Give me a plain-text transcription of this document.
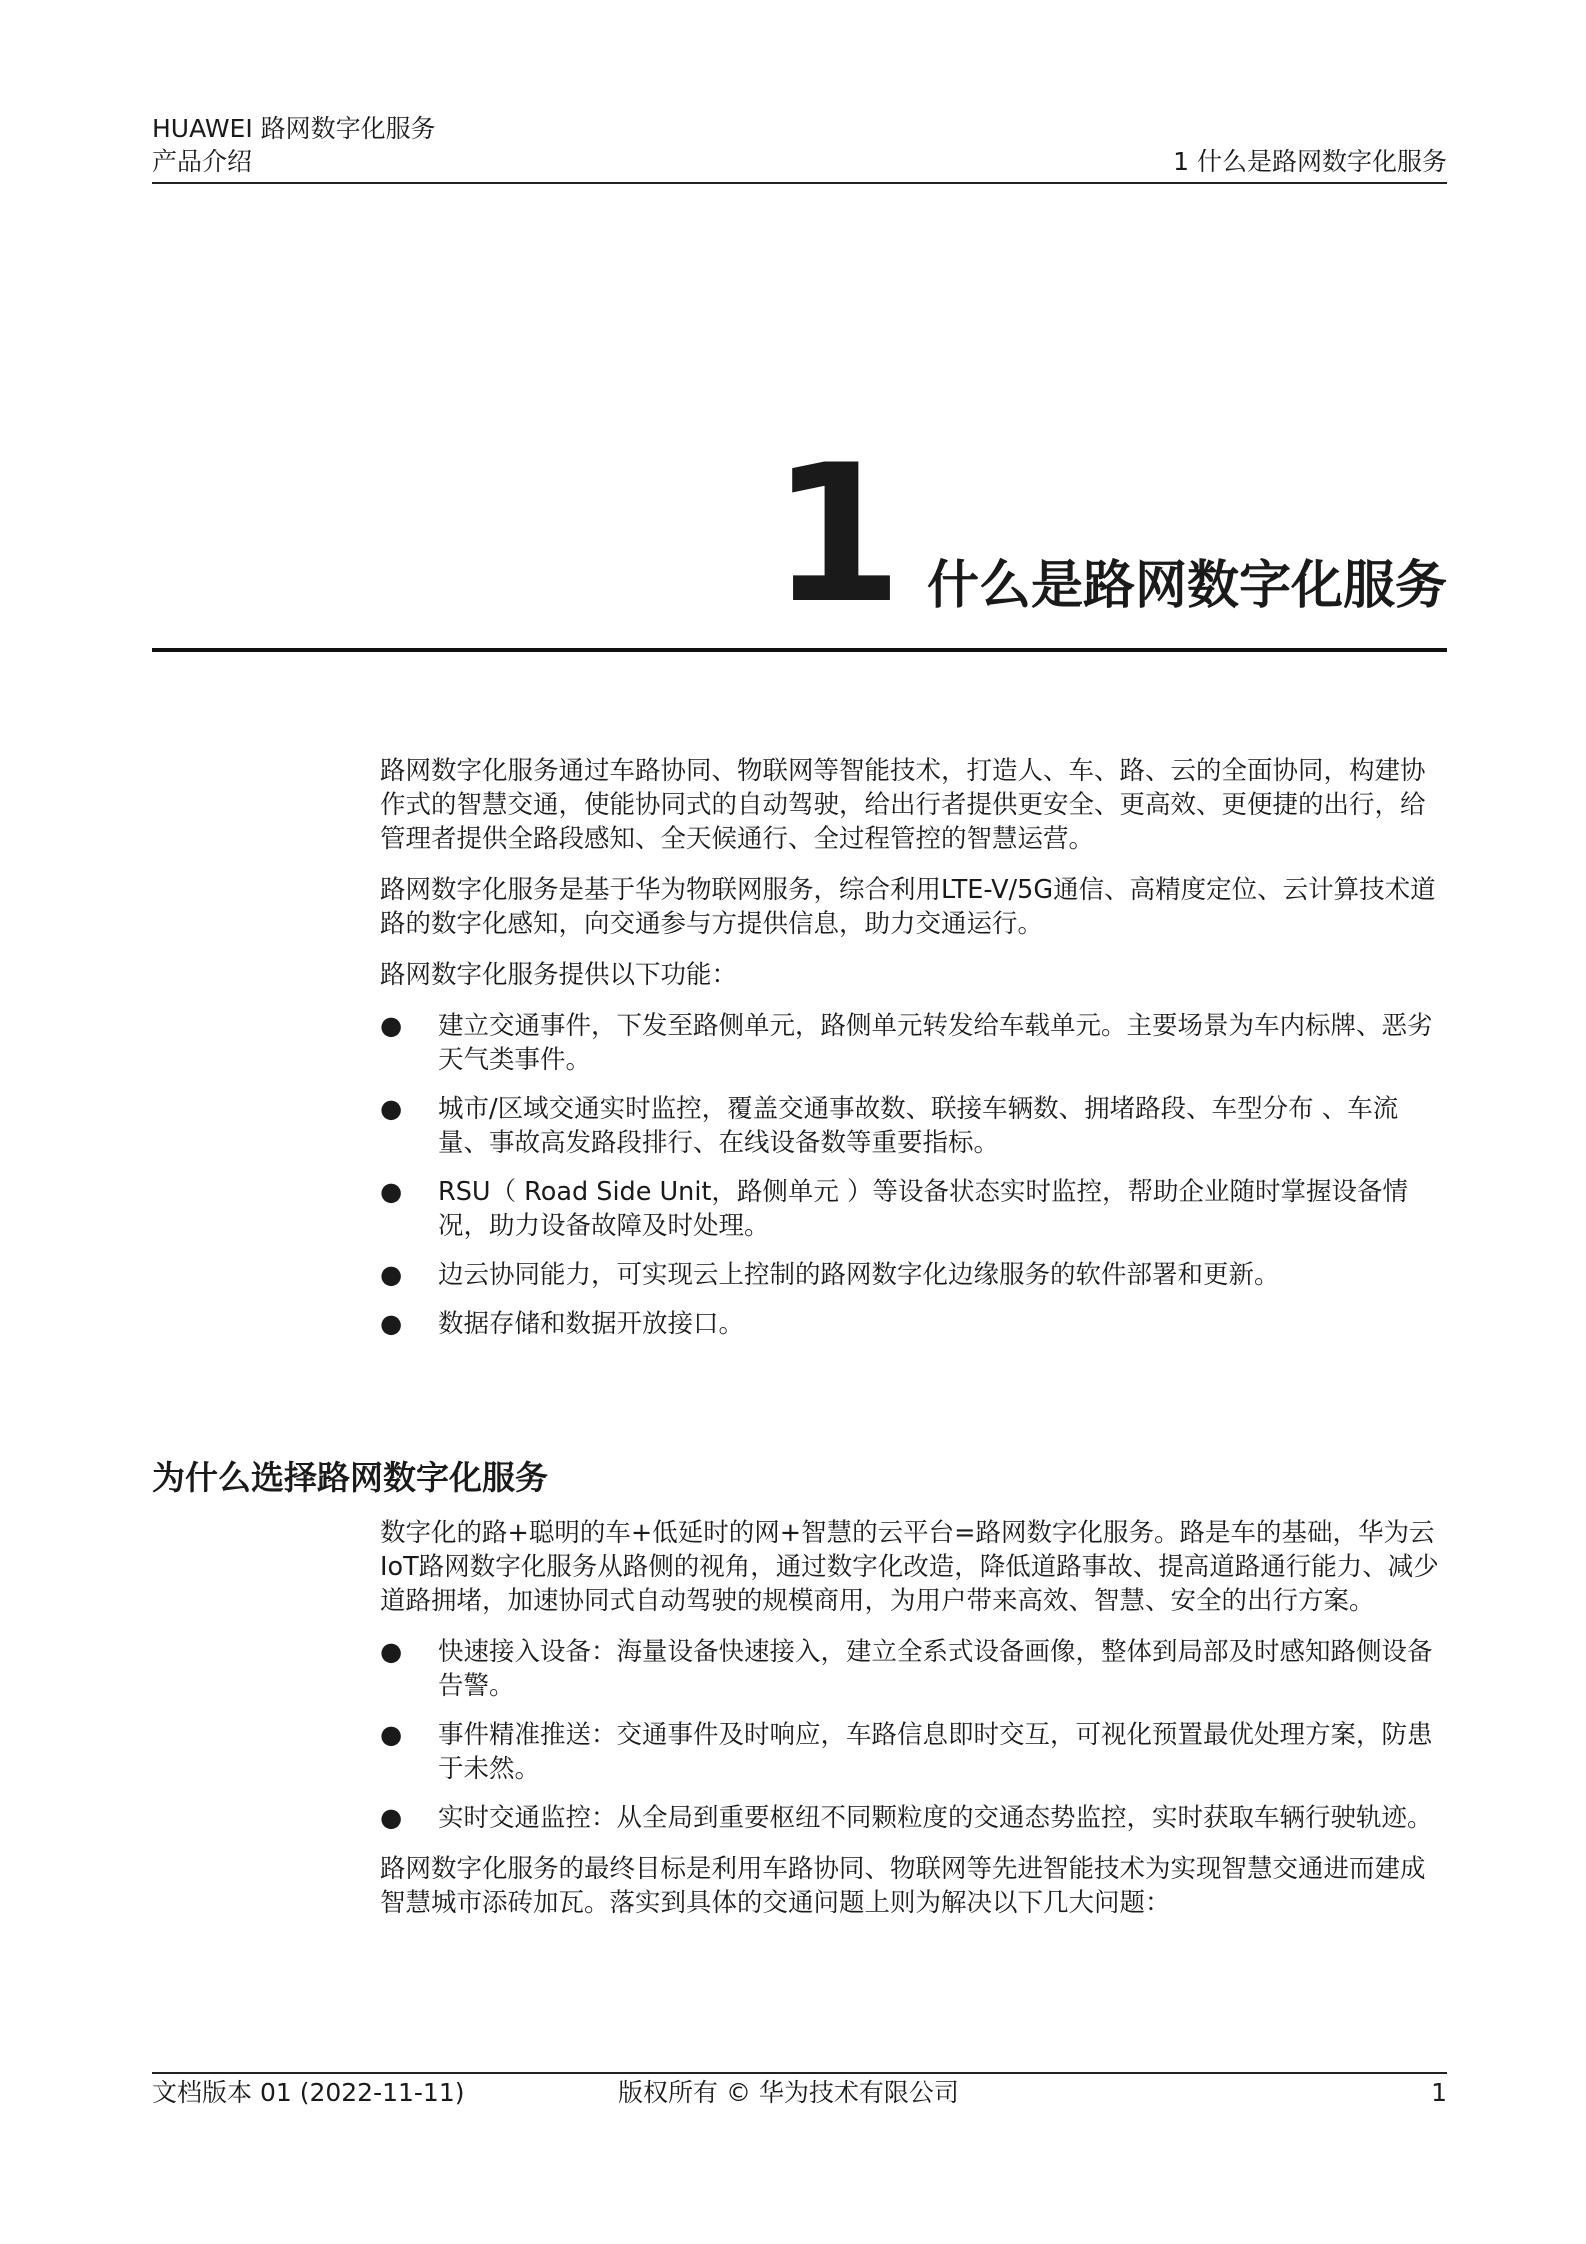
HUAWEI 路网数字化服务
产品介绍	1 什么是路网数字化服务
1 什么是路网数字化服务

路网数字化服务通过车路协同、物联网等智能技术，打造人、车、路、云的全面协同，构建协作式的智慧交通，使能协同式的自动驾驶，给出行者提供更安全、更高效、更便捷的出行，给管理者提供全路段感知、全天候通行、全过程管控的智慧运营。

路网数字化服务是基于华为物联网服务，综合利用LTE-V/5G通信、高精度定位、云计算技术道路的数字化感知，向交通参与方提供信息，助力交通运行。

路网数字化服务提供以下功能：

● 建立交通事件，下发至路侧单元，路侧单元转发给车载单元。主要场景为车内标牌、恶劣天气类事件。
● 城市/区域交通实时监控，覆盖交通事故数、联接车辆数、拥堵路段、车型分布 、车流量、事故高发路段排行、在线设备数等重要指标。
● RSU（ Road Side Unit，路侧单元 ）等设备状态实时监控，帮助企业随时掌握设备情况，助力设备故障及时处理。
● 边云协同能力，可实现云上控制的路网数字化边缘服务的软件部署和更新。
● 数据存储和数据开放接口。
为什么选择路网数字化服务

数字化的路+聪明的车+低延时的网+智慧的云平台=路网数字化服务。路是车的基础，华为云IoT路网数字化服务从路侧的视角，通过数字化改造，降低道路事故、提高道路通行能力、减少道路拥堵，加速协同式自动驾驶的规模商用，为用户带来高效、智慧、安全的出行方案。

● 快速接入设备：海量设备快速接入，建立全系式设备画像，整体到局部及时感知路侧设备告警。
● 事件精准推送：交通事件及时响应，车路信息即时交互，可视化预置最优处理方案，防患于未然。
● 实时交通监控：从全局到重要枢纽不同颗粒度的交通态势监控，实时获取车辆行驶轨迹。

路网数字化服务的最终目标是利用车路协同、物联网等先进智能技术为实现智慧交通进而建成智慧城市添砖加瓦。落实到具体的交通问题上则为解决以下几大问题：

文档版本 01 (2022-11-11)	版权所有 © 华为技术有限公司	1
